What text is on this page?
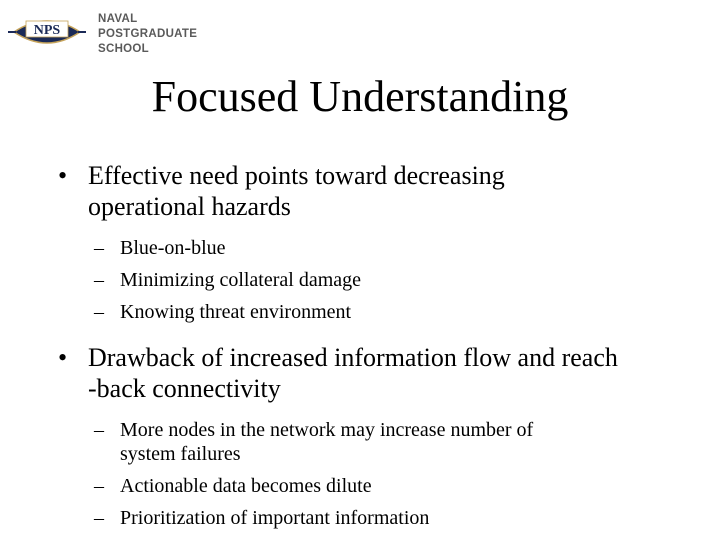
NPS
PRAESTANTIA PER SCIENTIA
NAVAL
POSTGRADUATE
SCHOOL
Focused Understanding
• Effective need points toward decreasing
operational hazards
– Blue-on-blue
– Minimizing collateral damage
– Knowing threat environment
• Drawback of increased information flow and reach
-back connectivity
– More nodes in the network may increase number of
system failures
– Actionable data becomes dilute
– Prioritization of important information
